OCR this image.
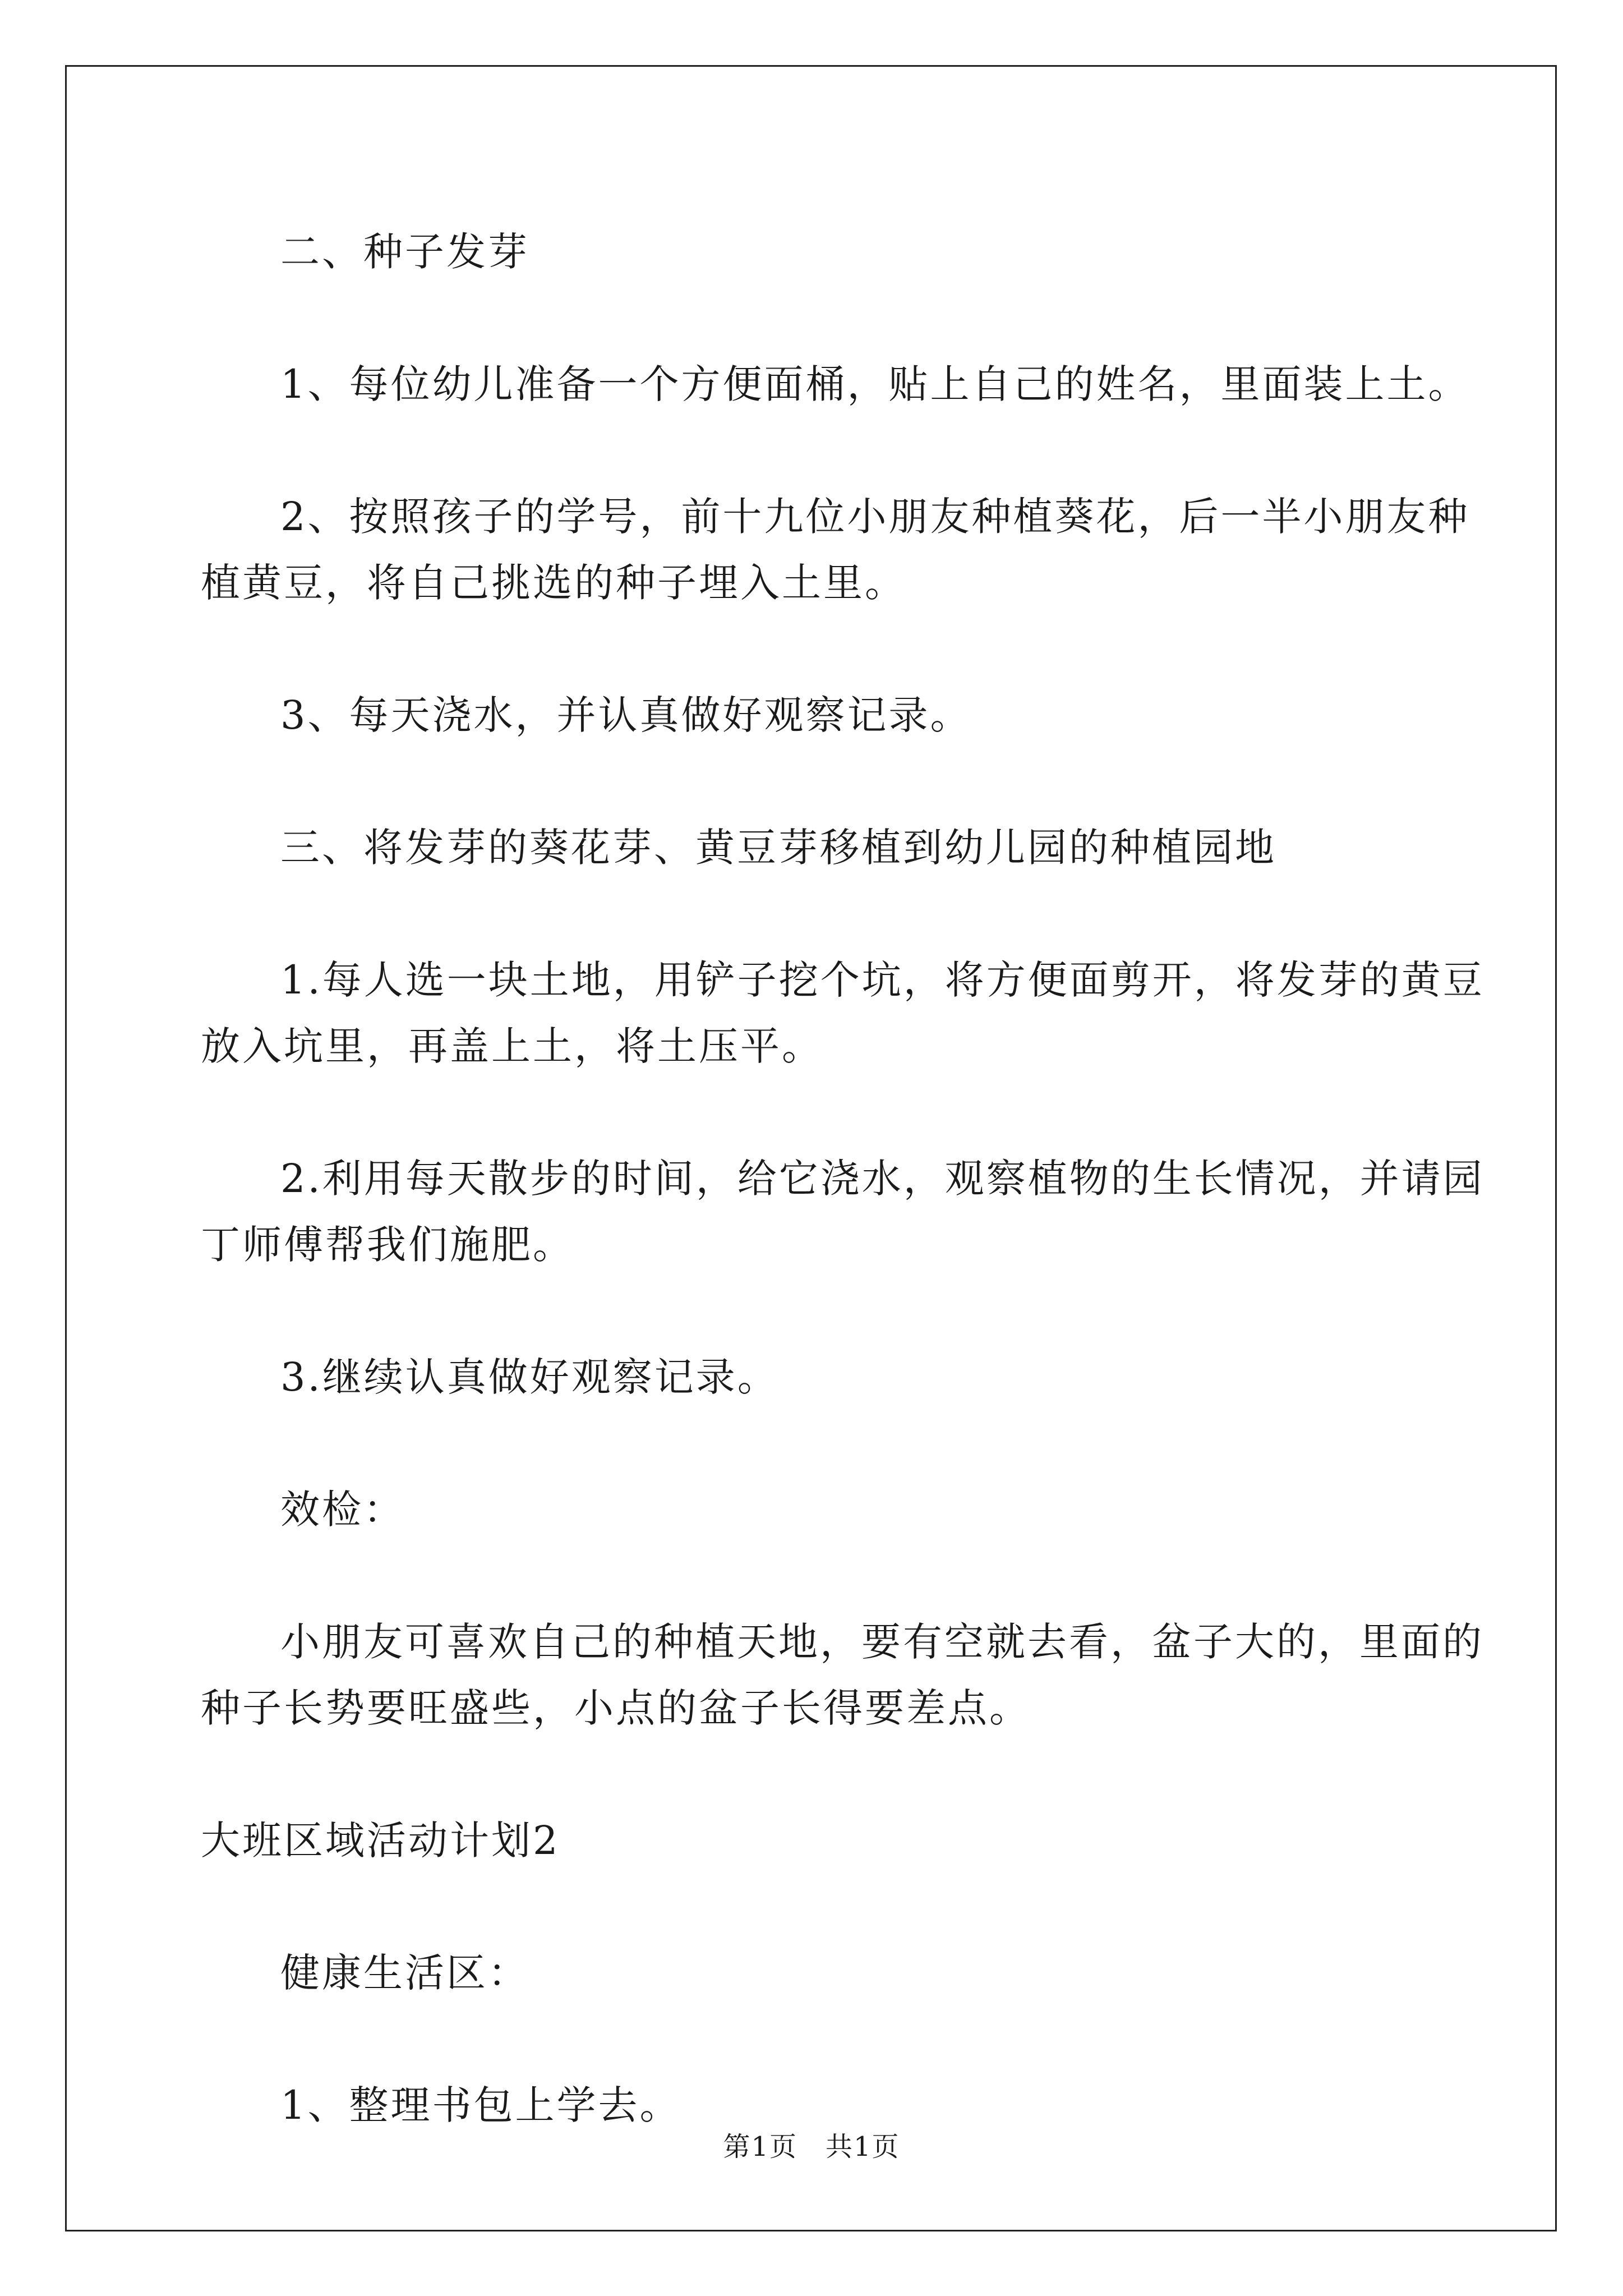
二、种子发芽

1、每位幼儿准备一个方便面桶，贴上自己的姓名，里面装上土。

2、按照孩子的学号，前十九位小朋友种植葵花，后一半小朋友种植黄豆，将自己挑选的种子埋入土里。

3、每天浇水，并认真做好观察记录。

三、将发芽的葵花芽、黄豆芽移植到幼儿园的种植园地

1.每人选一块土地，用铲子挖个坑，将方便面剪开，将发芽的黄豆放入坑里，再盖上土，将土压平。

2.利用每天散步的时间，给它浇水，观察植物的生长情况，并请园丁师傅帮我们施肥。

3.继续认真做好观察记录。

效检：

小朋友可喜欢自己的种植天地，要有空就去看，盆子大的，里面的种子长势要旺盛些，小点的盆子长得要差点。

大班区域活动计划2

健康生活区：

1、整理书包上学去。

第1页　共1页
